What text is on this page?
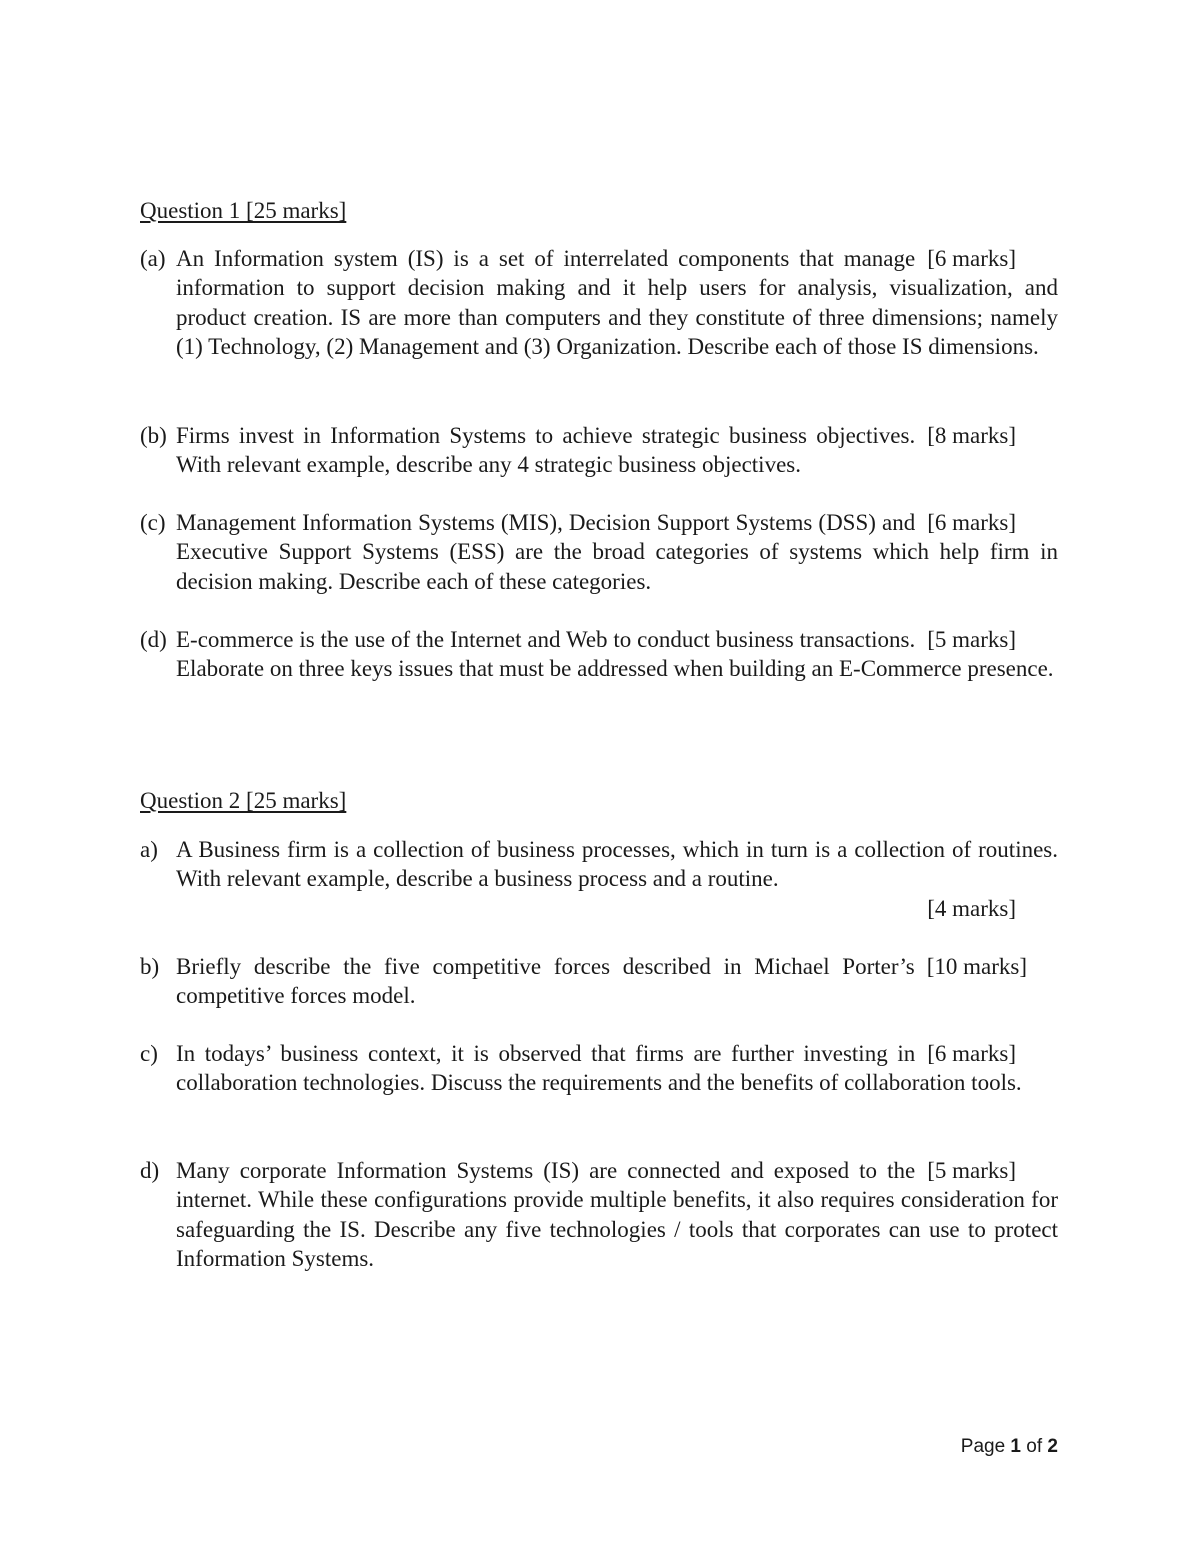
Question 1 [25 marks]
(a)	[6 marks]
An Information system (IS) is a set of interrelated components that manage information to support decision making and it help users for analysis, visualization, and product creation. IS are more than computers and they constitute of three dimensions; namely (1) Technology, (2) Management and (3) Organization. Describe each of those IS dimensions.
(b)	[8 marks]
Firms invest in Information Systems to achieve strategic business objectives. With relevant example, describe any 4 strategic business objectives.
(c)	[6 marks]
Management Information Systems (MIS), Decision Support Systems (DSS) and Executive Support Systems (ESS) are the broad categories of systems which help firm in decision making. Describe each of these categories.
(d)	[5 marks]
E-commerce is the use of the Internet and Web to conduct business transactions. Elaborate on three keys issues that must be addressed when building an E-Commerce presence.
Question 2 [25 marks]
a) A Business firm is a collection of business processes, which in turn is a collection of routines. With relevant example, describe a business process and a routine.
[4 marks]
b)	[10 marks]
Briefly describe the five competitive forces described in Michael Porter’s competitive forces model.
c)	[6 marks]
In todays’ business context, it is observed that firms are further investing in collaboration technologies. Discuss the requirements and the benefits of collaboration tools.
d)	[5 marks]
Many corporate Information Systems (IS) are connected and exposed to the internet. While these configurations provide multiple benefits, it also requires consideration for safeguarding the IS. Describe any five technologies / tools that corporates can use to protect Information Systems.
Page 1 of 2
